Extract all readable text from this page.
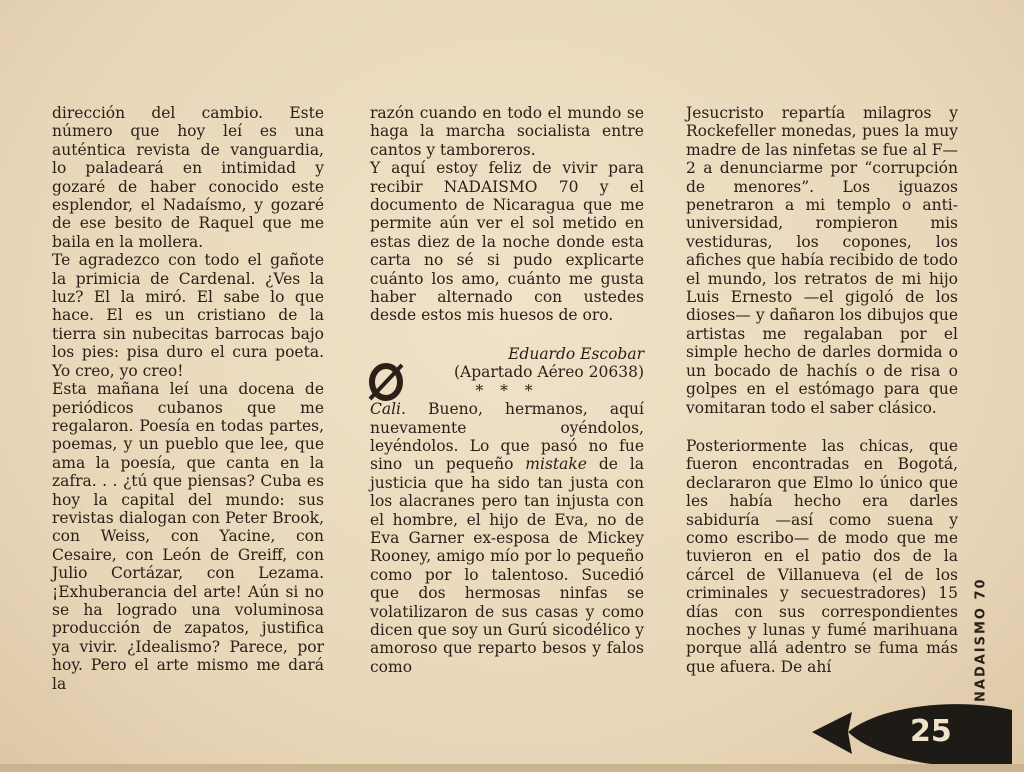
dirección del cambio. Este número que hoy leí es una auténtica revista de vanguardia, lo paladeará en intimidad y gozaré de haber conocido este esplendor, el Nadaísmo, y gozaré de ese besito de Raquel que me baila en la mollera.

Te agradezco con todo el gañote la primicia de Cardenal. ¿Ves la luz? El la miró. El sabe lo que hace. El es un cristiano de la tierra sin nubecitas barrocas bajo los pies: pisa duro el cura poeta. Yo creo, yo creo!

Esta mañana leí una docena de periódicos cubanos que me regalaron. Poesía en todas partes, poemas, y un pueblo que lee, que ama la poesía, que canta en la zafra. . . ¿tú que piensas? Cuba es hoy la capital del mundo: sus revistas dialogan con Peter Brook, con Weiss, con Yacine, con Cesaire, con León de Greiff, con Julio Cortázar, con Lezama. ¡Exhuberancia del arte! Aún si no se ha logrado una voluminosa producción de zapatos, justifica ya vivir. ¿Idealismo? Parece, por hoy. Pero el arte mismo me dará la

razón cuando en todo el mundo se haga la marcha socialista entre cantos y tamboreros.

Y aquí estoy feliz de vivir para recibir NADAISMO 70 y el documento de Nicaragua que me permite aún ver el sol metido en estas diez de la noche donde esta carta no sé si pudo explicarte cuánto los amo, cuánto me gusta haber alternado con ustedes desde estos mis huesos de oro.

Eduardo Escobar

(Apartado Aéreo 20638)

* * *

Cali. Bueno, hermanos, aquí nuevamente oyéndolos, leyéndolos. Lo que pasó no fue sino un pequeño mistake de la justicia que ha sido tan justa con los alacranes pero tan injusta con el hombre, el hijo de Eva, no de Eva Garner ex-esposa de Mickey Rooney, amigo mío por lo pequeño como por lo talentoso. Sucedió que dos hermosas ninfas se volatilizaron de sus casas y como dicen que soy un Gurú sicodélico y amoroso que reparto besos y falos como

Jesucristo repartía milagros y Rockefeller monedas, pues la muy madre de las ninfetas se fue al F—2 a denunciarme por “corrupción de menores”. Los iguazos penetraron a mi templo o anti-universidad, rompieron mis vestiduras, los copones, los afiches que había recibido de todo el mundo, los retratos de mi hijo Luis Ernesto —el gigoló de los dioses— y dañaron los dibujos que artistas me regalaban por el simple hecho de darles dormida o un bocado de hachís o de risa o golpes en el estómago para que vomitaran todo el saber clásico.

Posteriormente las chicas, que fueron encontradas en Bogotá, declararon que Elmo lo único que les había hecho era darles sabiduría —así como suena y como escribo— de modo que me tuvieron en el patio dos de la cárcel de Villanueva (el de los criminales y secuestradores) 15 días con sus correspondientes noches y lunas y fumé marihuana porque allá adentro se fuma más que afuera. De ahí	NADAISMO 70
25
